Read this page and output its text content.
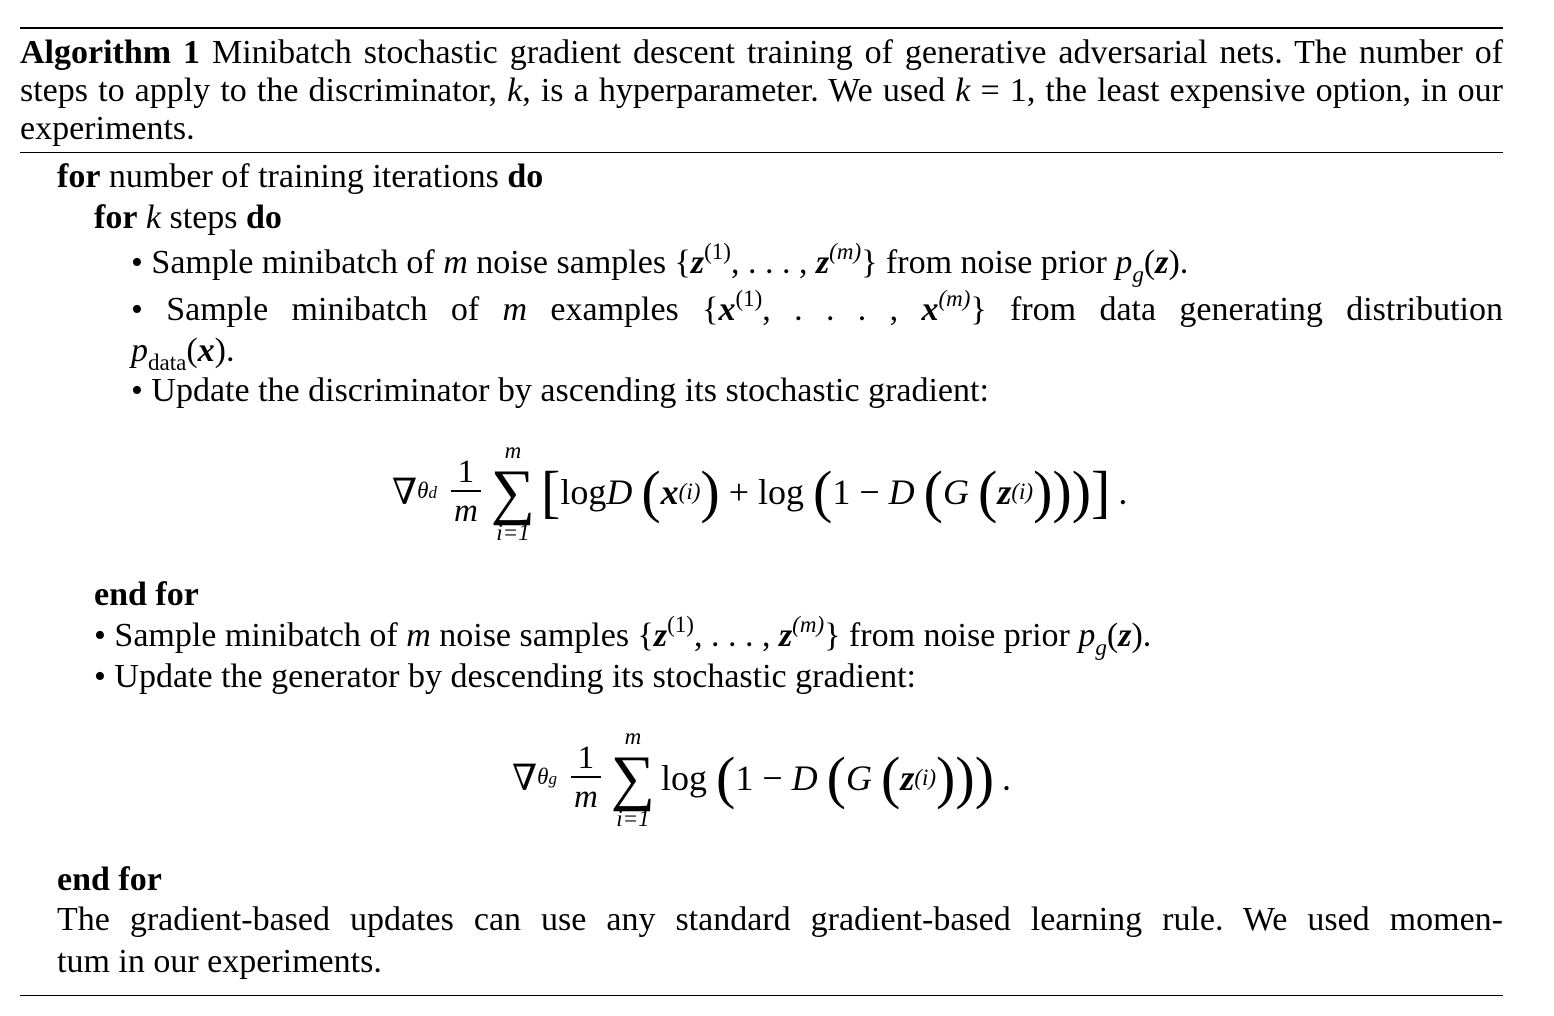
Algorithm 1 Minibatch stochastic gradient descent training of generative adversarial nets. The number of
steps to apply to the discriminator, k, is a hyperparameter. We used k = 1, the least expensive option, in our
experiments.
for number of training iterations do
for k steps do
• Sample minibatch of m noise samples {$z^{(1)}$, . . . , $z^{(m)}$} from noise prior $p_g(z)$.
• Sample minibatch of m examples {$x^{(1)}$, . . . , $x^{(m)}$} from data generating distribution
$p_{data}(x)$.
• Update the discriminator by ascending its stochastic gradient:
∇ θd $\frac{1}{m}$
m
∑
i=1
[ log D
( x (i) ) + log ( 1 − D
( G
( z (i) ) ) ) ] .
end for
• Sample minibatch of m noise samples {$z^{(1)}$, . . . , $z^{(m)}$} from noise prior $p_g(z)$.
• Update the generator by descending its stochastic gradient:
∇ θg $\frac{1}{m}$
m
∑
i=1
log ( 1 − D
( G
( z (i) ) ) ) .
end for
The gradient-based updates can use any standard gradient-based learning rule. We used momen-
tum in our experiments.
